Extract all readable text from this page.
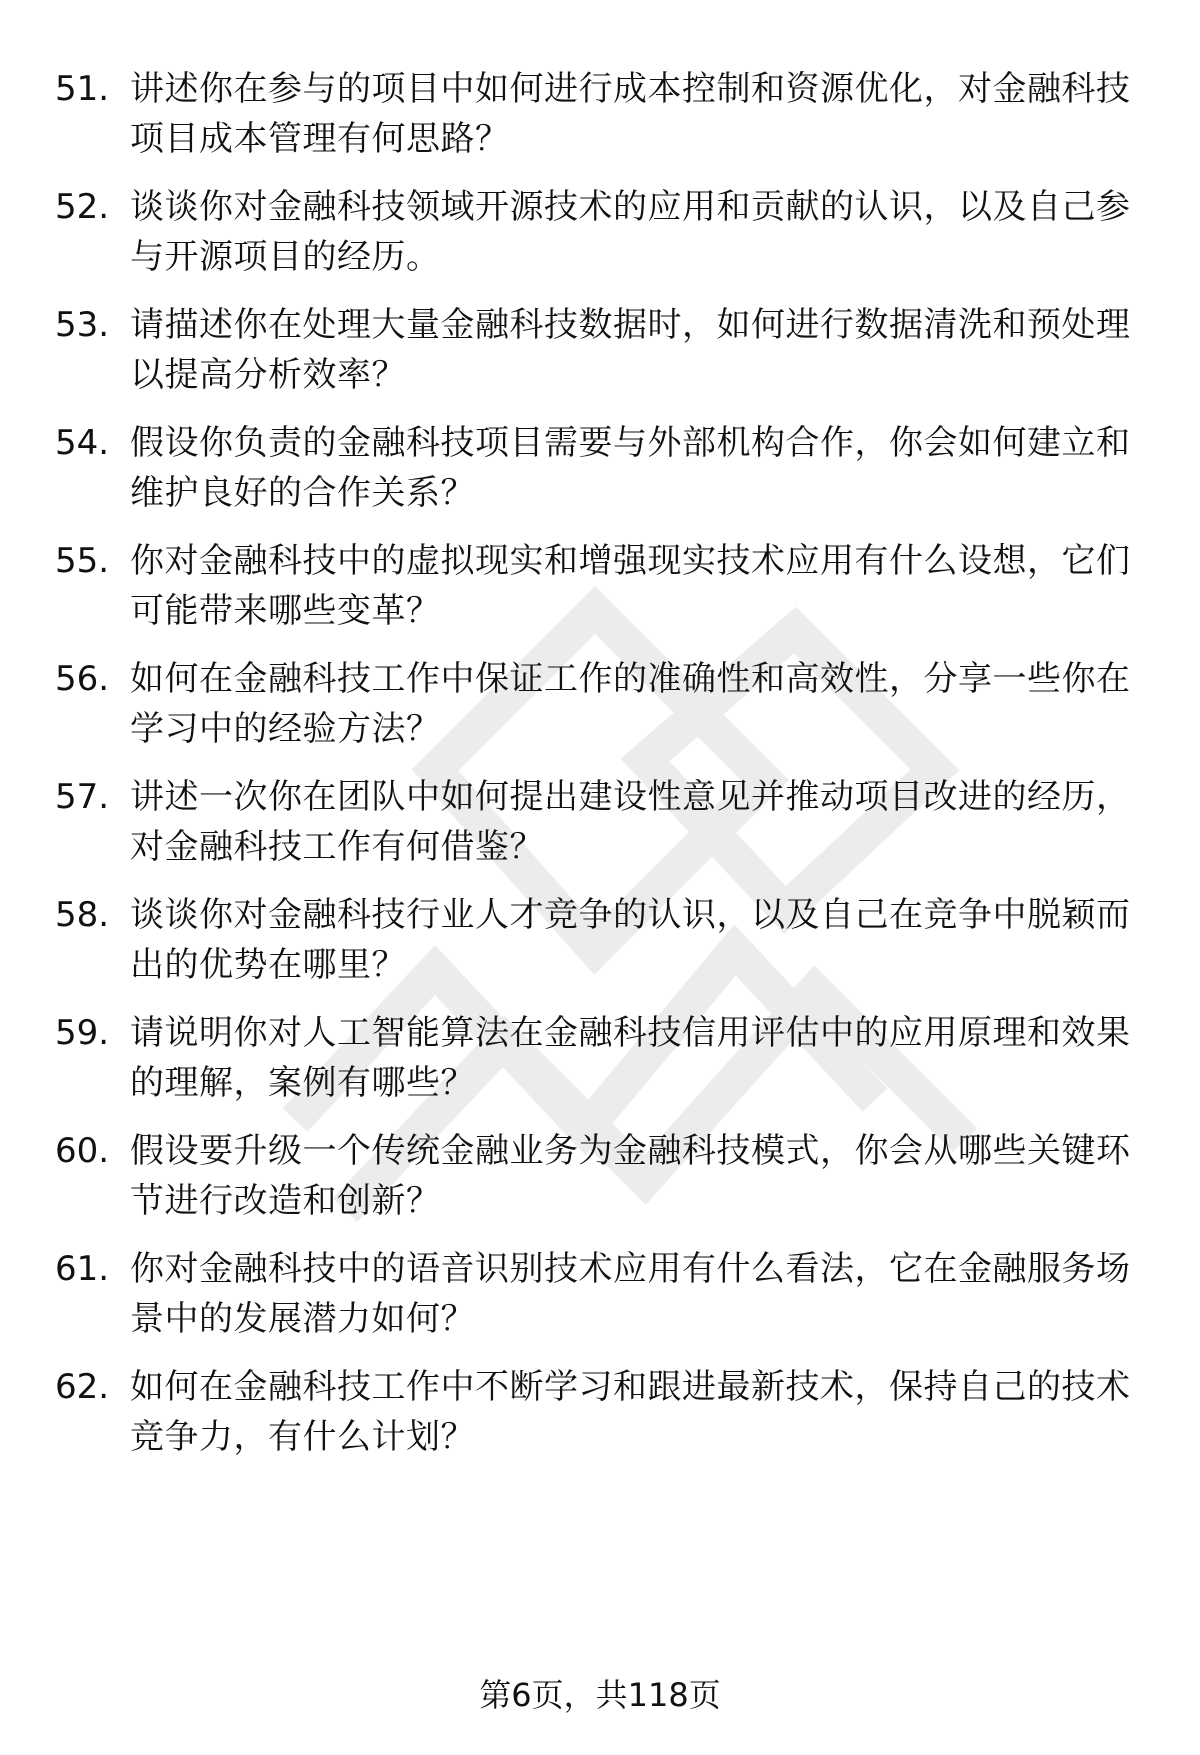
51. 讲述你在参与的项目中如何进行成本控制和资源优化，对金融科技项目成本管理有何思路？
52. 谈谈你对金融科技领域开源技术的应用和贡献的认识，以及自己参与开源项目的经历。
53. 请描述你在处理大量金融科技数据时，如何进行数据清洗和预处理以提高分析效率？
54. 假设你负责的金融科技项目需要与外部机构合作，你会如何建立和维护良好的合作关系？
55. 你对金融科技中的虚拟现实和增强现实技术应用有什么设想，它们可能带来哪些变革？
56. 如何在金融科技工作中保证工作的准确性和高效性，分享一些你在学习中的经验方法？
57. 讲述一次你在团队中如何提出建设性意见并推动项目改进的经历，对金融科技工作有何借鉴？
58. 谈谈你对金融科技行业人才竞争的认识，以及自己在竞争中脱颖而出的优势在哪里？
59. 请说明你对人工智能算法在金融科技信用评估中的应用原理和效果的理解，案例有哪些？
60. 假设要升级一个传统金融业务为金融科技模式，你会从哪些关键环节进行改造和创新？
61. 你对金融科技中的语音识别技术应用有什么看法，它在金融服务场景中的发展潜力如何？
62. 如何在金融科技工作中不断学习和跟进最新技术，保持自己的技术竞争力，有什么计划？
第6页，共118页
